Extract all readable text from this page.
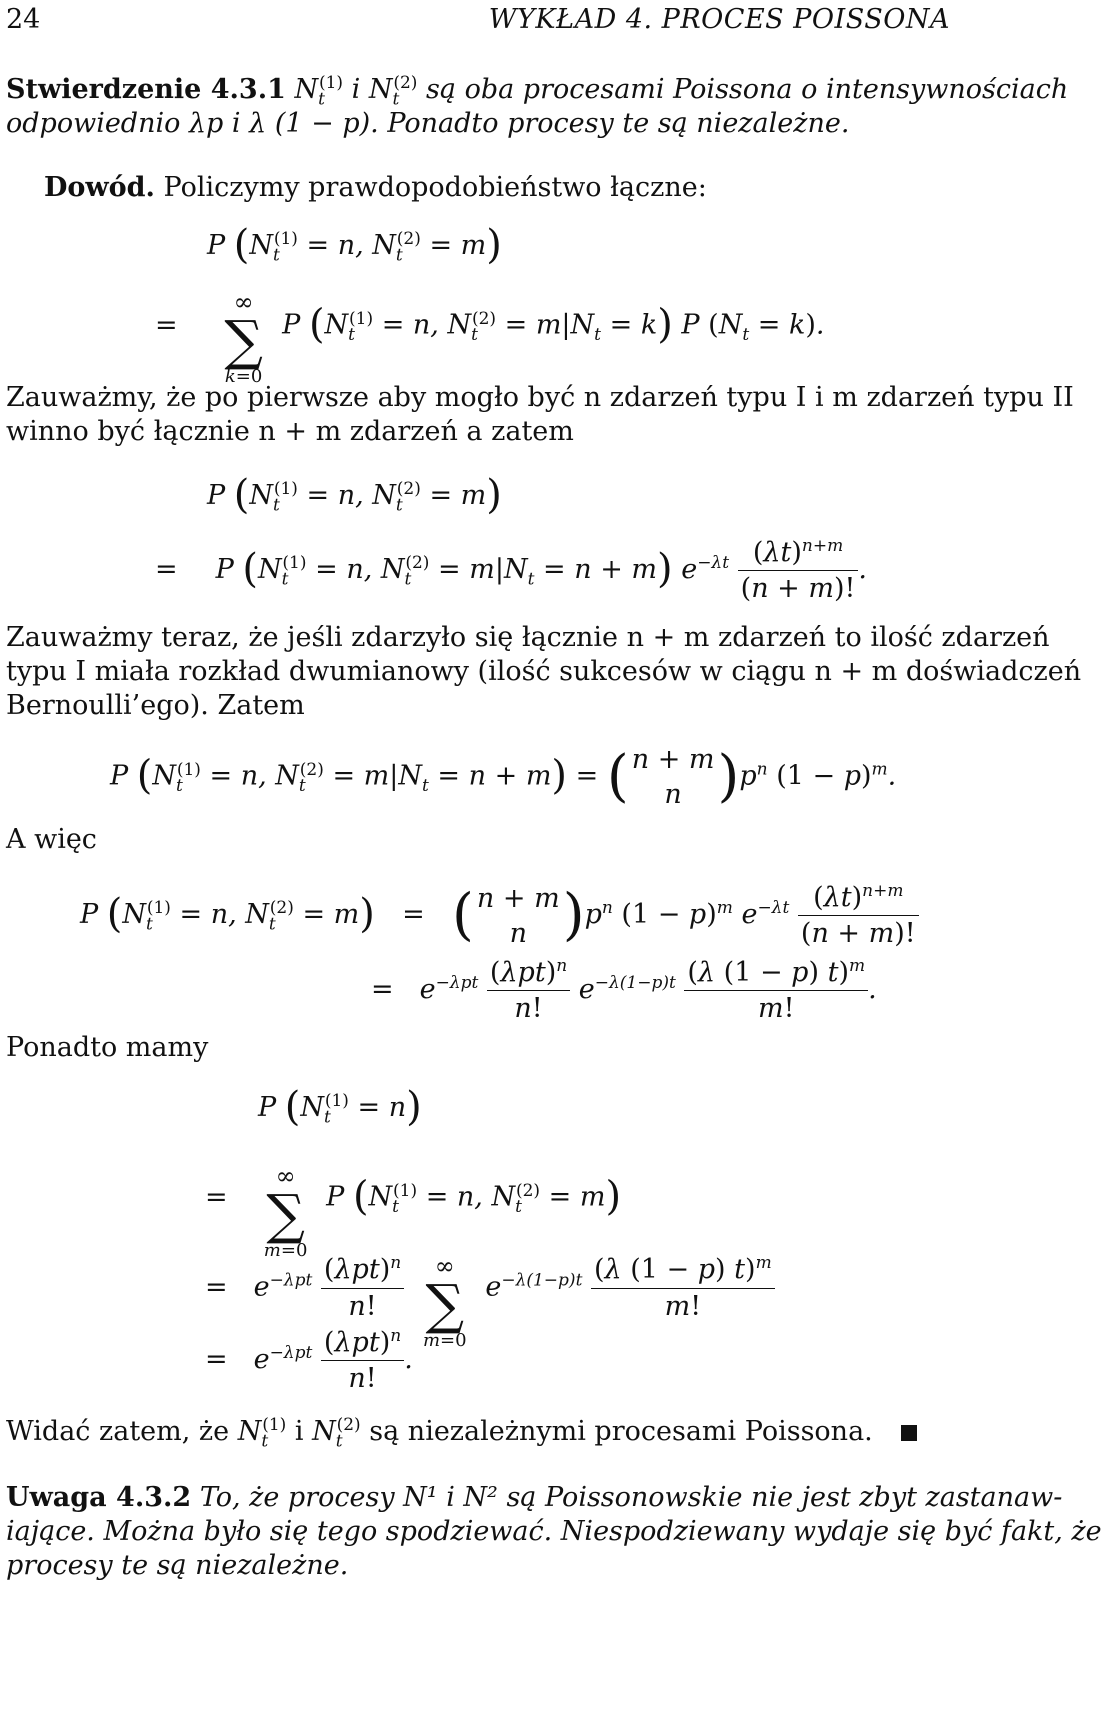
24	WYKŁAD 4. PROCES POISSONA
Stwierdzenie 4.3.1 $N_t^{(1)}$ i $N_t^{(2)}$ są oba procesami Poissona o intensywnościach
odpowiednio λp i λ (1 − p). Ponadto procesy te są niezależne.
Dowód. Policzymy prawdopodobieństwo łączne:
P ($N_t^{(1)} = n$, $N_t^{(2)} = m$)
=
∞
∑
k=0
P ($N_t^{(1)} = n$, $N_t^{(2)} = m|N_t = k$) P $(N_t = k)$.
Zauważmy, że po pierwsze aby mogło być n zdarzeń typu I i m zdarzeń typu II
winno być łącznie n + m zdarzeń a zatem
P ($N_t^{(1)} = n$, $N_t^{(2)} = m$)
= P ($N_t^{(1)} = n$, $N_t^{(2)} = m|N_t = n + m$) $e^{-\lambda t} \frac{(\lambda t)^{n+m}}{(n + m)!}$ .
Zauważmy teraz, że jeśli zdarzyło się łącznie n + m zdarzeń to ilość zdarzeń
typu I miała rozkład dwumianowy (ilość sukcesów w ciągu n + m doświadczeń
Bernoulli’ego). Zatem
P ($N_t^{(1)} = n$, $N_t^{(2)} = m|N_t = n + m$) = ( n + m
n )$p^n$ $(1 - p)^m$.
A więc
P ($N_t^{(1)} = n$, $N_t^{(2)} = m$) = ( n + m
n )$p^n$ $(1 - p)^m$ $e^{-\lambda t} \frac{(\lambda t)^{n+m}}{(n + m)!}$
= $e^{-\lambda pt} \frac{(\lambda pt)^n}{n!} e^{-\lambda(1-p)t} \frac{(\lambda (1 - p) t)^m}{m!}$ .
Ponadto mamy
P $(N_t^{(1)} = n)$
=
∞
∑
m=0
P ($N_t^{(1)} = n$, $N_t^{(2)} = m$)
= $e^{-\lambda pt} \frac{(\lambda pt)^n}{n!}$
	∞
∑
m=0
$e^{-\lambda(1-p)t} \frac{(\lambda (1 - p) t)^m}{m!}$
= $e^{-\lambda pt} \frac{(\lambda pt)^n}{n!}$ .
Widać zatem, że $N_t^{(1)}$ i $N_t^{(2)}$ są niezależnymi procesami Poissona.
Uwaga 4.3.2 To, że procesy N¹ i N² są Poissonowskie nie jest zbyt zastanaw-
iające. Można było się tego spodziewać. Niespodziewany wydaje się być fakt, że
procesy te są niezależne.
